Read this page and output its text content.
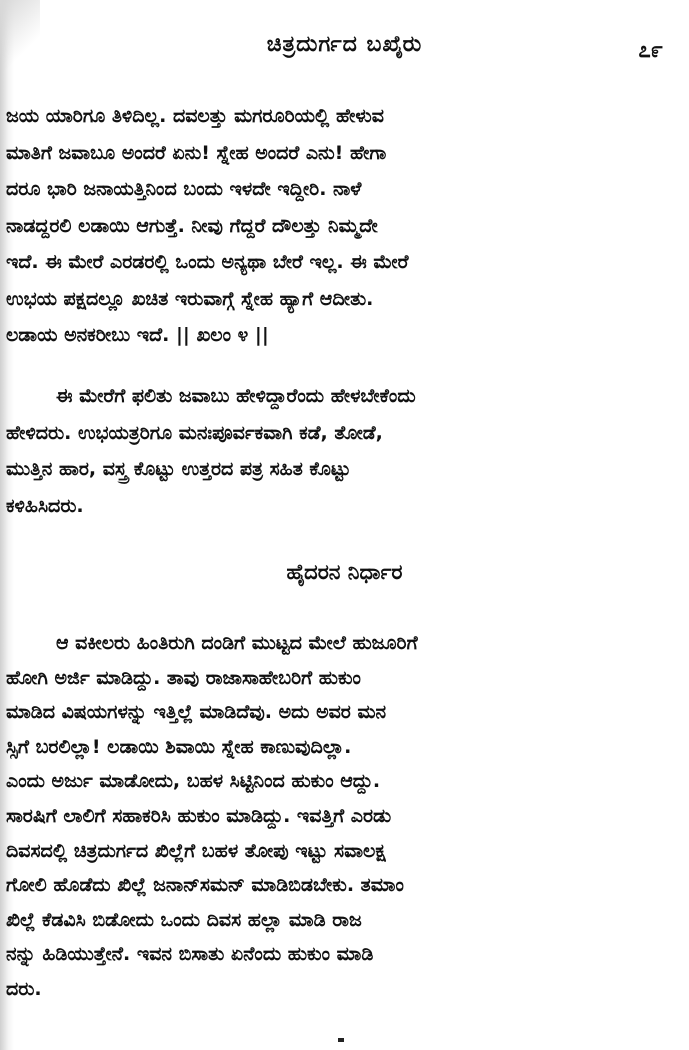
ಚಿತ್ರದುರ್ಗದ ಬಖೈರು	೭೯
ಜಯ ಯಾರಿಗೂ ತಿಳಿದಿಲ್ಲ. ದವಲತ್ತು ಮಗರೂರಿಯಲ್ಲಿ ಹೇಳುವ
ಮಾತಿಗೆ ಜವಾಬೂ ಅಂದರೆ ಏನು! ಸ್ನೇಹ ಅಂದರೆ ಎನು! ಹೇಗಾ
ದರೂ ಭಾರಿ ಜನಾಯತ್ತಿನಿಂದ ಬಂದು ಇಳದೇ ಇದ್ದೀರಿ. ನಾಳೆ
ನಾಡದ್ದರಲಿ ಲಡಾಯಿ ಆಗುತ್ತೆ. ನೀವು ಗೆದ್ದರೆ ದೌಲತ್ತು ನಿಮ್ಮದೇ
ಇದೆ. ಈ ಮೇರೆ ಎರಡರಲ್ಲಿ ಒಂದು ಅನ್ಯಥಾ ಬೇರೆ ಇಲ್ಲ. ಈ ಮೇರೆ
ಉಭಯ ಪಕ್ಷದಲ್ಲೂ ಖಚಿತ ಇರುವಾಗ್ಗೆ ಸ್ನೇಹ ಹ್ಯಾಗೆ ಆದೀತು.
ಲಡಾಯ ಅನಕರೀಬು ಇದೆ. || ಖಲಂ ೪ ||
ಈ ಮೇರೆಗೆ ಫಲಿತು ಜವಾಬು ಹೇಳಿದ್ದಾರೆಂದು ಹೇಳಬೇಕೆಂದು
ಹೇಳಿದರು. ಉಭಯತ್ರರಿಗೂ ಮನಃಪೂರ್ವಕವಾಗಿ ಕಡೆ, ತೋಡೆ,
ಮುತ್ತಿನ ಹಾರ, ವಸ್ತ್ರ ಕೊಟ್ಟು ಉತ್ತರದ ಪತ್ರ ಸಹಿತ ಕೊಟ್ಟು
ಕಳಿಹಿಸಿದರು.
ಹೈದರನ ನಿರ್ಧಾರ
ಆ ವಕೀಲರು ಹಿಂತಿರುಗಿ ದಂಡಿಗೆ ಮುಟ್ಟದ ಮೇಲೆ ಹುಜೂರಿಗೆ
ಹೋಗಿ ಅರ್ಜಿ ಮಾಡಿದ್ದು. ತಾವು ರಾಜಾಸಾಹೇಬರಿಗೆ ಹುಕುಂ
ಮಾಡಿದ ವಿಷಯಗಳನ್ನು ಇತ್ತಿಲ್ಲೆ ಮಾಡಿದೆವು. ಅದು ಅವರ ಮನ
ಸ್ಸಿಗೆ ಬರಲಿಲ್ಲಾ! ಲಡಾಯಿ ಶಿವಾಯಿ ಸ್ನೇಹ ಕಾಣುವುದಿಲ್ಲಾ.
ಎಂದು ಅರ್ಜು ಮಾಡೋದು, ಬಹಳ ಸಿಟ್ಟಿನಿಂದ ಹುಕುಂ ಆದ್ದು.
ಸಾರಷಿಗೆ ಲಾಲಿಗೆ ಸಹಾಕರಿಸಿ ಹುಕುಂ ಮಾಡಿದ್ದು. ಇವತ್ತಿಗೆ ಎರಡು
ದಿವಸದಲ್ಲಿ ಚಿತ್ರದುರ್ಗದ ಖಿಲ್ಲೆಗೆ ಬಹಳ ತೋಪು ಇಟ್ಟು ಸವಾಲಕ್ಷ
ಗೋಲಿ ಹೊಡೆದು ಖಿಲ್ಲೆ ಜನಾನ್‌ಸಮನ್ ಮಾಡಿಬಿಡಬೇಕು. ತಮಾಂ
ಖಿಲ್ಲೆ ಕೆಡವಿಸಿ ಬಿಡೋದು ಒಂದು ದಿವಸ ಹಲ್ಲಾ ಮಾಡಿ ರಾಜ
ನನ್ನು ಹಿಡಿಯುತ್ತೇನೆ. ಇವನ ಬಿಸಾತು ಏನೆಂದು ಹುಕುಂ ಮಾಡಿ
ದರು.
